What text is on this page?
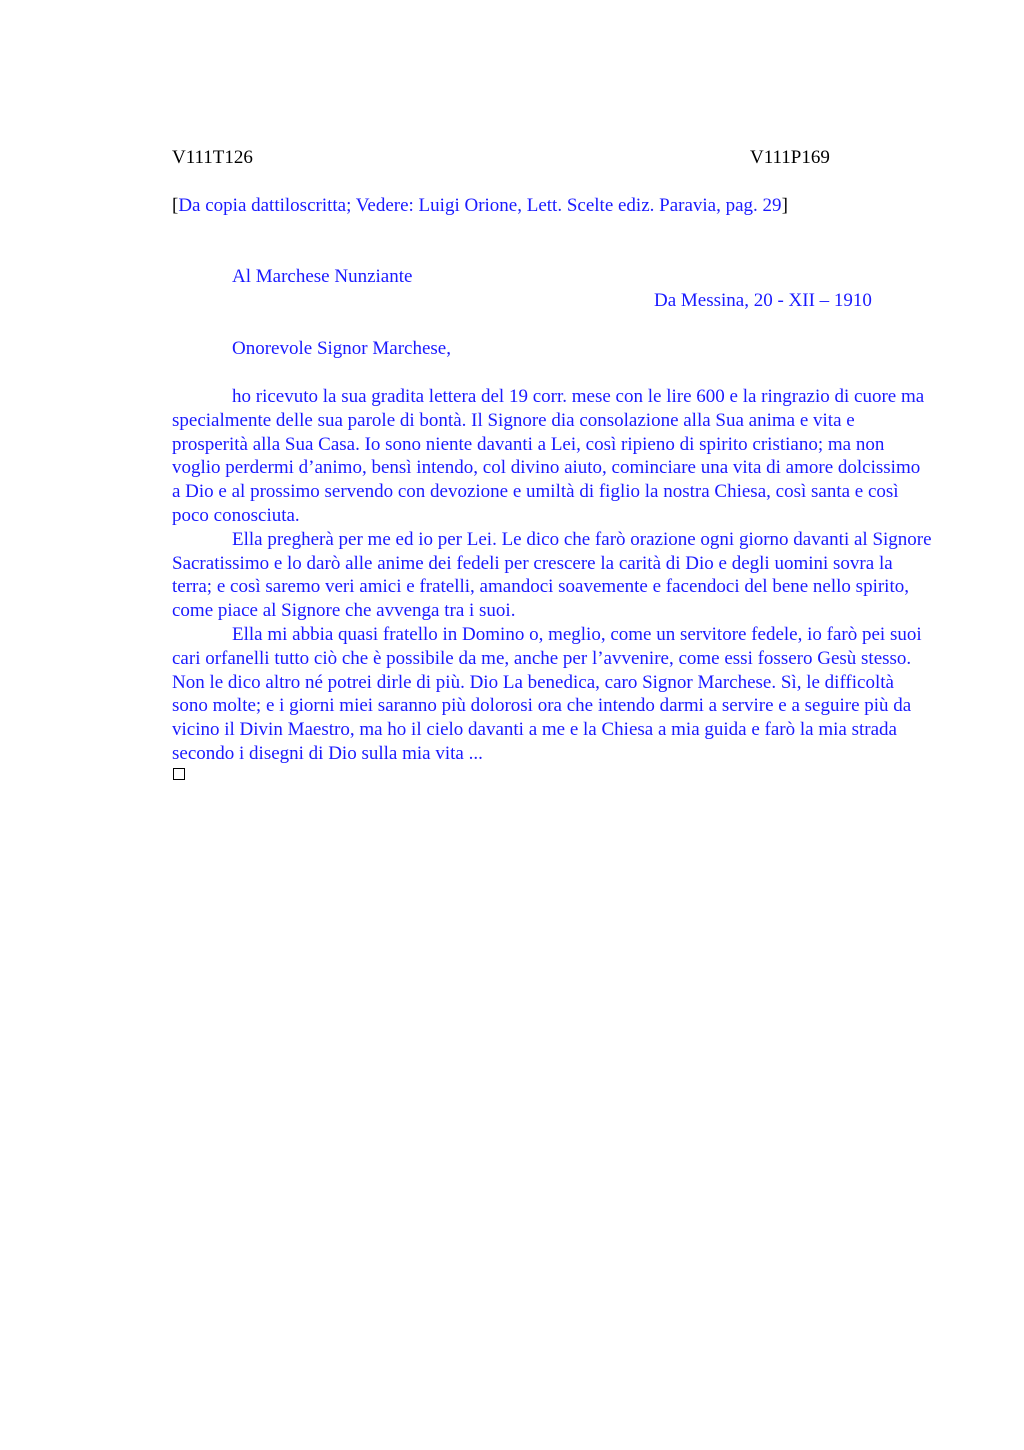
V111T126	V111P169
[Da copia dattiloscritta; Vedere: Luigi Orione, Lett. Scelte ediz. Paravia, pag. 29]
Al Marchese Nunziante
Da Messina, 20 - XII – 1910
Onorevole Signor Marchese,

ho ricevuto la sua gradita lettera del 19 corr. mese con le lire 600 e la ringrazio di cuore ma specialmente delle sua parole di bontà. Il Signore dia consolazione alla Sua anima e vita e prosperità alla Sua Casa. Io sono niente davanti a Lei, così ripieno di spirito cristiano; ma non voglio perdermi d’animo, bensì intendo, col divino aiuto, cominciare una vita di amore dolcissimo a Dio e al prossimo servendo con devozione e umiltà di figlio la nostra Chiesa, così santa e così poco conosciuta.

Ella pregherà per me ed io per Lei. Le dico che farò orazione ogni giorno davanti al Signore Sacratissimo e lo darò alle anime dei fedeli per crescere la carità di Dio e degli uomini sovra la terra; e così saremo veri amici e fratelli, amandoci soavemente e facendoci del bene nello spirito, come piace al Signore che avvenga tra i suoi.

Ella mi abbia quasi fratello in Domino o, meglio, come un servitore fedele, io farò pei suoi cari orfanelli tutto ciò che è possibile da me, anche per l’avvenire, come essi fossero Gesù stesso. Non le dico altro né potrei dirle di più. Dio La benedica, caro Signor Marchese. Sì, le difficoltà sono molte; e i giorni miei saranno più dolorosi ora che intendo darmi a servire e a seguire più da vicino il Divin Maestro, ma ho il cielo davanti a me e la Chiesa a mia guida e farò la mia strada secondo i disegni di Dio sulla mia vita ...
